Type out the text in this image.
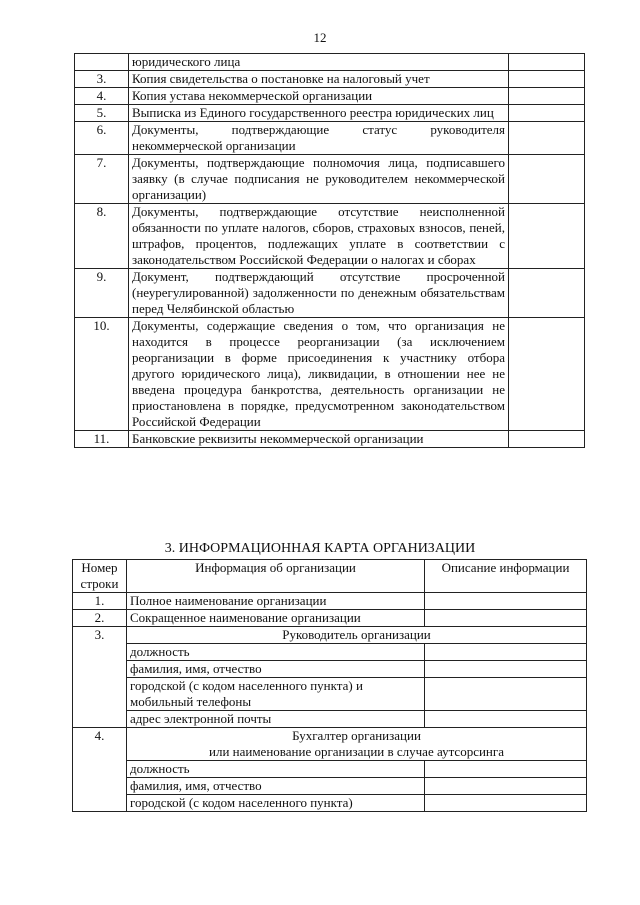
12
	юридического лица	
3.	Копия свидетельства о постановке на налоговый учет	
4.	Копия устава некоммерческой организации	
5.	Выписка из Единого государственного реестра юридических лиц	
6.	Документы, подтверждающие статус руководителя некоммерческой организации	
7.	Документы, подтверждающие полномочия лица, подписавшего заявку (в случае подписания не руководителем некоммерческой организации)	
8.	Документы, подтверждающие отсутствие неисполненной обязанности по уплате налогов, сборов, страховых взносов, пеней, штрафов, процентов, подлежащих уплате в соответствии с законодательством Российской Федерации о налогах и сборах	
9.	Документ, подтверждающий отсутствие просроченной (неурегулированной) задолженности по денежным обязательствам перед Челябинской областью	
10.	Документы, содержащие сведения о том, что организация не находится в процессе реорганизации (за исключением реорганизации в форме присоединения к участнику отбора другого юридического лица), ликвидации, в отношении нее не введена процедура банкротства, деятельность организации не приостановлена в порядке, предусмотренном законодательством Российской Федерации	
11.	Банковские реквизиты некоммерческой организации	
3. ИНФОРМАЦИОННАЯ КАРТА ОРГАНИЗАЦИИ
Номер строки	Информация об организации	Описание информации
1.	Полное наименование организации	
2.	Сокращенное наименование организации	
3.	Руководитель организации	
	должность	
	фамилия, имя, отчество	
	городской (с кодом населенного пункта) и мобильный телефоны	
	адрес электронной почты	
4.	Бухгалтер организации
или наименование организации в случае аутсорсинга	

	должность	
	фамилия, имя, отчество	
	городской (с кодом населенного пункта)	
